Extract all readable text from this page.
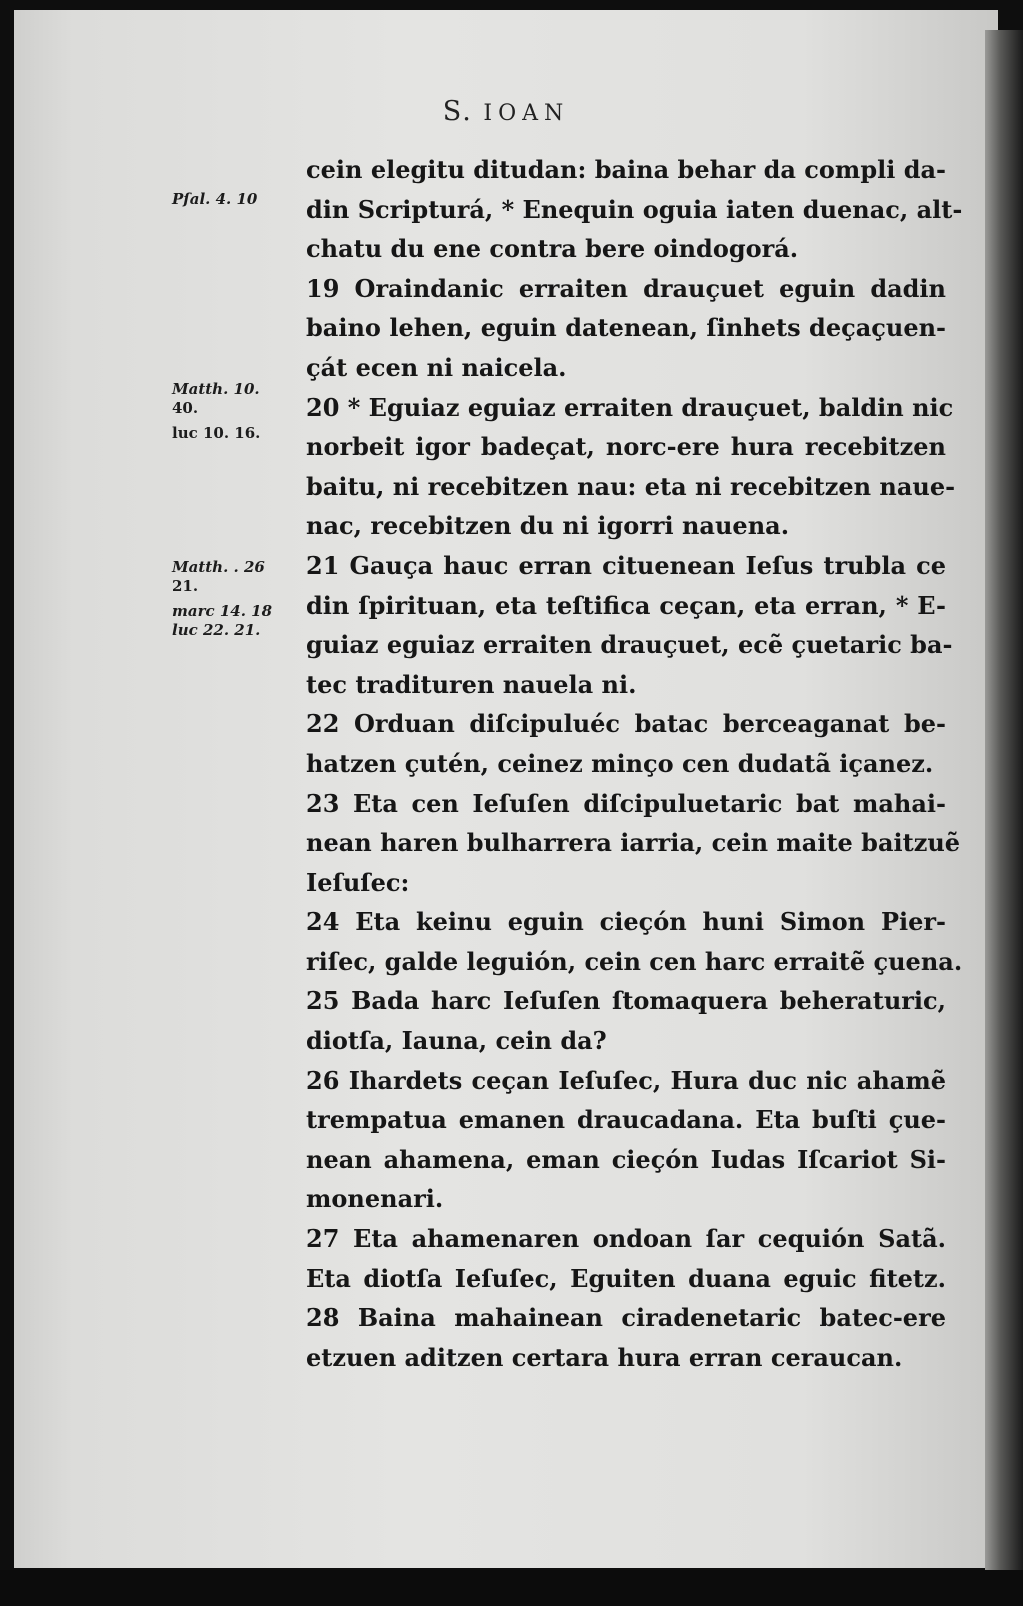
S. IOAN
Pſal. 4. 10
Matth. 10.
40.
luc 10. 16.
Matth. . 26
21.
marc 14. 18
luc 22. 21.
cein elegitu ditudan: baina behar da compli da-
din Scripturá, * Enequin oguia iaten duenac, alt-
chatu du ene contra bere oindogorá.
19 Oraindanic erraiten drauçuet eguin dadin
baino lehen, eguin datenean, ſinhets deçaçuen-
çát ecen ni naicela.
20 * Eguiaz eguiaz erraiten drauçuet, baldin nic
norbeit igor badeçat, norc-ere hura recebitzen
baitu, ni recebitzen nau: eta ni recebitzen naue-
nac, recebitzen du ni igorri nauena.
21 Gauça hauc erran cituenean Ieſus trubla ce
din ſpirituan, eta teſtifica ceçan, eta erran, * E-
guiaz eguiaz erraiten drauçuet, ecẽ çuetaric ba-
tec tradituren nauela ni.
22 Orduan diſcipuluéc batac berceaganat be-
hatzen çutén, ceinez minço cen dudatã içanez.
23 Eta cen Ieſuſen diſcipuluetaric bat mahai-
nean haren bulharrera iarria, cein maite baitzuẽ
Ieſuſec:
24 Eta keinu eguin cieçón huni Simon Pier-
riſec, galde leguión, cein cen harc erraitẽ çuena.
25 Bada harc Ieſuſen ſtomaquera beheraturic,
diotſa, Iauna, cein da?
26 Ihardets ceçan Ieſuſec, Hura duc nic ahamẽ
trempatua emanen draucadana. Eta buſti çue-
nean ahamena, eman cieçón Iudas Iſcariot Si-
monenari.
27 Eta ahamenaren ondoan ſar cequión Satã.
Eta diotſa Ieſuſec, Eguiten duana eguic fitetz.
28 Baina mahainean ciradenetaric batec-ere
etzuen aditzen certara hura erran ceraucan.
